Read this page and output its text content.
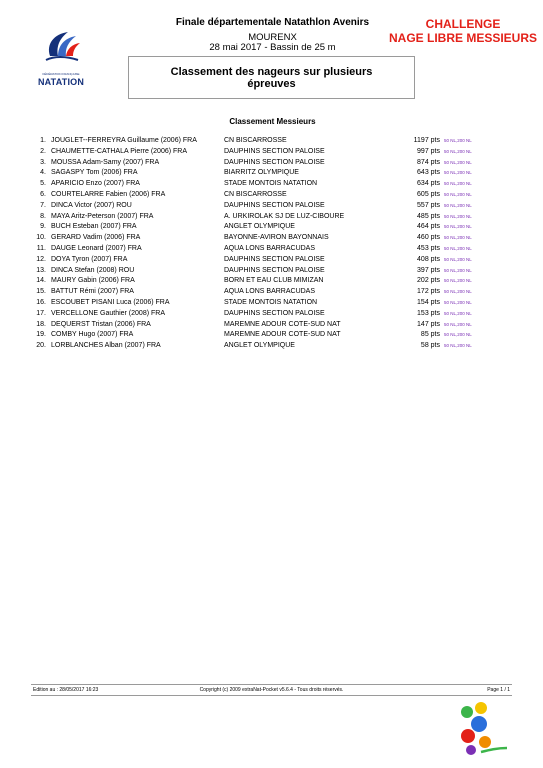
FÉDÉRATION FRANÇAISE
NATATION
Finale départementale Natathlon Avenirs
MOURENX
28 mai 2017 - Bassin de 25 m
CHALLENGE
NAGE LIBRE MESSIEURS
Classement des nageurs sur plusieurs
épreuves
Classement Messieurs
1. JOUGLET--FERREYRA Guillaume (2006) FRA	CN BISCARROSSE	1197 pts 50 NL,200 NL
2. CHAUMETTE-CATHALA Pierre (2006) FRA	DAUPHINS SECTION PALOISE	997 pts 50 NL,200 NL
3. MOUSSA Adam-Samy (2007) FRA	DAUPHINS SECTION PALOISE	874 pts 50 NL,200 NL
4. SAGASPY Tom (2006) FRA	BIARRITZ OLYMPIQUE	643 pts 50 NL,200 NL
5. APARICIO Enzo (2007) FRA	STADE MONTOIS NATATION	634 pts 50 NL,200 NL
6. COURTELARRE Fabien (2006) FRA	CN BISCARROSSE	605 pts 50 NL,200 NL
7. DINCA Victor (2007) ROU	DAUPHINS SECTION PALOISE	557 pts 50 NL,200 NL
8. MAYA Aritz-Peterson (2007) FRA	A. URKIROLAK SJ DE LUZ-CIBOURE	485 pts 50 NL,200 NL
9. BUCH Esteban (2007) FRA	ANGLET OLYMPIQUE	464 pts 50 NL,200 NL
10. GERARD Vadim (2006) FRA	BAYONNE-AVIRON BAYONNAIS	460 pts 50 NL,200 NL
11. DAUGE Leonard (2007) FRA	AQUA LONS BARRACUDAS	453 pts 50 NL,200 NL
12. DOYA Tyron (2007) FRA	DAUPHINS SECTION PALOISE	408 pts 50 NL,200 NL
13. DINCA Stefan (2008) ROU	DAUPHINS SECTION PALOISE	397 pts 50 NL,200 NL
14. MAURY Gabin (2006) FRA	BORN ET EAU CLUB MIMIZAN	202 pts 50 NL,200 NL
15. BATTUT Rémi (2007) FRA	AQUA LONS BARRACUDAS	172 pts 50 NL,200 NL
16. ESCOUBET PISANI Luca (2006) FRA	STADE MONTOIS NATATION	154 pts 50 NL,200 NL
17. VERCELLONE Gauthier (2008) FRA	DAUPHINS SECTION PALOISE	153 pts 50 NL,200 NL
18. DEQUERST Tristan (2006) FRA	MAREMNE ADOUR COTE-SUD NAT	147 pts 50 NL,200 NL
19. COMBY Hugo (2007) FRA	MAREMNE ADOUR COTE-SUD NAT	85 pts 50 NL,200 NL
20. LORBLANCHES Alban (2007) FRA	ANGLET OLYMPIQUE	58 pts 50 NL,200 NL
Edition au : 28/05/2017 16:23	Copyright (c) 2009 extraNat-Pocket v5.6.4 - Tous droits réservés.	Page 1 / 1
